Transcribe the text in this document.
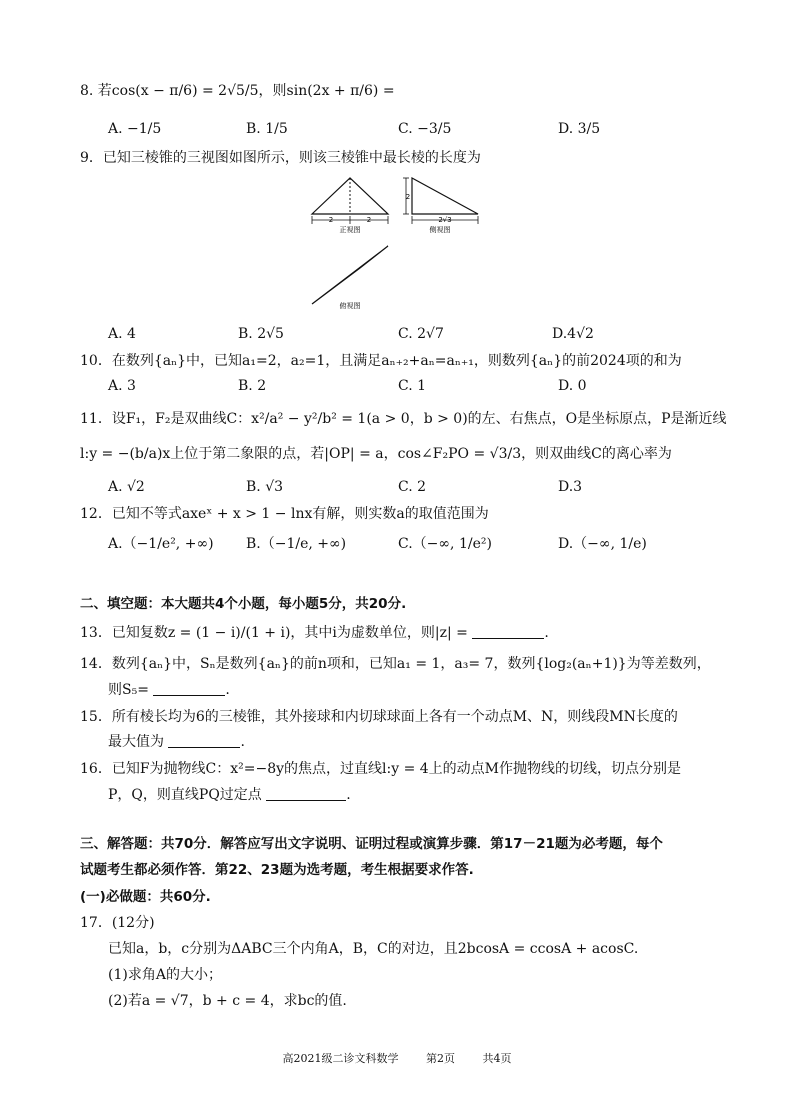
8. 若cos(x − π/6) = 2√5/5，则sin(2x + π/6) =
A. −1/5	B. 1/5	C. −3/5	D. 3/5
9．已知三棱锥的三视图如图所示，则该三棱锥中最长棱的长度为
2	2
正视图
2
2√3
侧视图
俯视图
A. 4	B. 2√5	C. 2√7	D.4√2
10．在数列{aₙ}中，已知a₁=2，a₂=1，且满足aₙ₊₂+aₙ=aₙ₊₁，则数列{aₙ}的前2024项的和为
A. 3	B. 2	C. 1	D. 0
11．设F₁，F₂是双曲线C：x²/a² − y²/b² = 1(a > 0，b > 0)的左、右焦点，O是坐标原点，P是渐近线
l:y = −(b/a)x上位于第二象限的点，若|OP| = a，cos∠F₂PO = √3/3，则双曲线C的离心率为
A. √2	B. √3	C. 2	D.3
12．已知不等式axeˣ + x > 1 − lnx有解，则实数a的取值范围为
A.（−1/e², +∞) B.（−1/e, +∞)	C.（−∞, 1/e²)	D.（−∞, 1/e)
二、填空题：本大题共4个小题，每小题5分，共20分.
13．已知复数z = (1 − i)/(1 + i)，其中i为虚数单位，则|z| =	.
14．数列{aₙ}中，Sₙ是数列{aₙ}的前n项和，已知a₁ = 1，a₃= 7，数列{log₂(aₙ+1)}为等差数列，
则S₅=	.
15．所有棱长均为6的三棱锥，其外接球和内切球球面上各有一个动点M、N，则线段MN长度的
最大值为	.
16．已知F为抛物线C：x²=−8y的焦点，过直线l:y = 4上的动点M作抛物线的切线，切点分别是
P，Q，则直线PQ过定点	.
三、解答题：共70分．解答应写出文字说明、证明过程或演算步骤．第17－21题为必考题，每个
试题考生都必须作答．第22、23题为选考题，考生根据要求作答.
(一)必做题：共60分.
17．(12分)
已知a，b，c分别为ΔABC三个内角A，B，C的对边，且2bcosA = ccosA + acosC.
(1)求角A的大小；
(2)若a = √7，b + c = 4，求bc的值.
高2021级二诊文科数学	第2页	共4页
